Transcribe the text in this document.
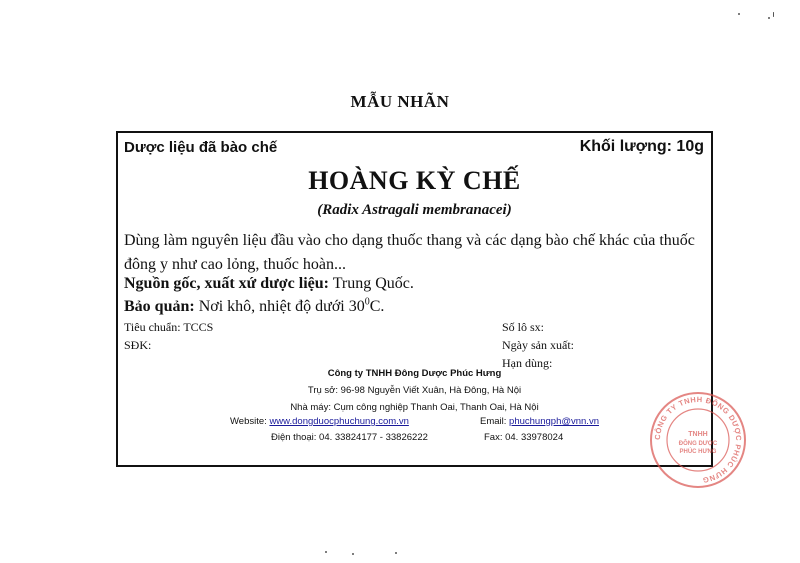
MẪU NHÃN
Dược liệu đã bào chế	Khối lượng: 10g
HOÀNG KỲ CHẾ
(Radix Astragali membranacei)
Dùng làm nguyên liệu đầu vào cho dạng thuốc thang và các dạng bào chế khác của thuốc đông y như cao lỏng, thuốc hoàn...
Nguồn gốc, xuất xứ dược liệu: Trung Quốc.
Bảo quản: Nơi khô, nhiệt độ dưới $30^0C$.
Tiêu chuẩn: TCCS
SĐK:
Số lô sx:
Ngày sản xuất:
Hạn dùng:
Công ty TNHH Đông Dược Phúc Hưng
Trụ sở: 96-98 Nguyễn Viết Xuân, Hà Đông, Hà Nội
Nhà máy: Cụm công nghiệp Thanh Oai, Thanh Oai, Hà Nội
Website: www.dongduocphuchung.com.vn	Email: phuchungph@vnn.vn
Điện thoại: 04. 33824177 - 33826222	Fax: 04. 33978024	CÔNG TY TNHH ĐÔNG DƯỢC PHÚC HƯNG
TNHH
ĐÔNG DƯỢC
PHÚC HƯNG
